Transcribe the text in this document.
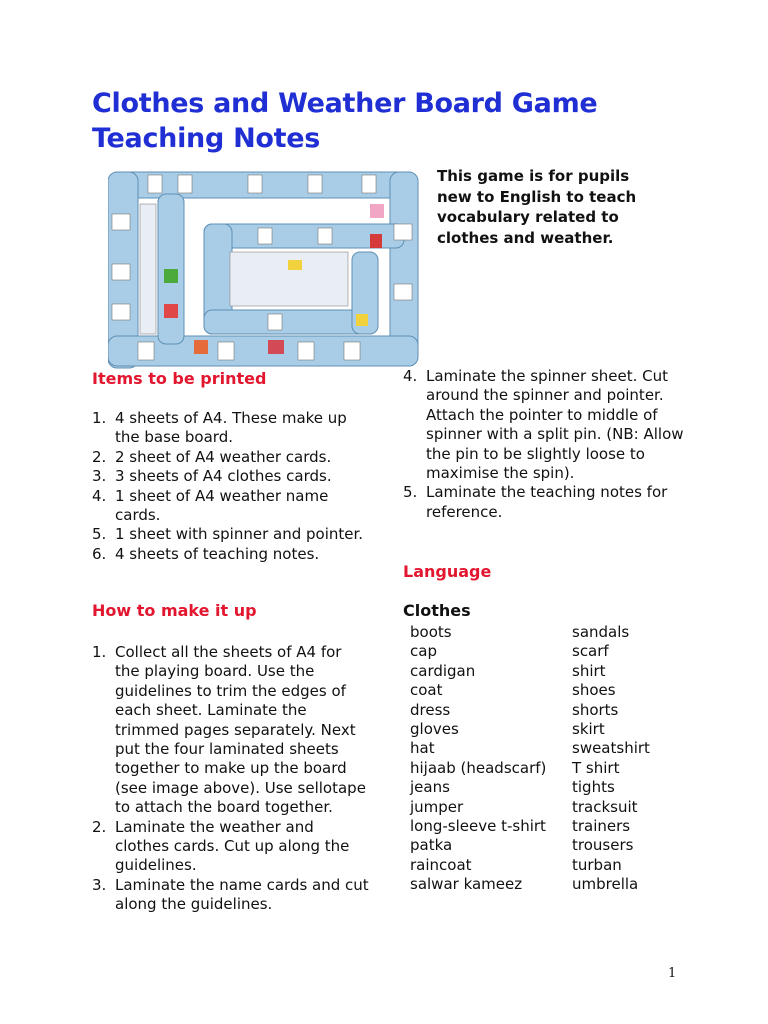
Clothes and Weather Board Game
Teaching Notes

This game is for pupils new to English to teach vocabulary related to clothes and weather.

Items to be printed
1. 4 sheets of A4. These make up the base board.
2. 2 sheet of A4 weather cards.
3. 3 sheets of A4 clothes cards.
4. 1 sheet of A4 weather name cards.
5. 1 sheet with spinner and pointer.
6. 4 sheets of teaching notes.
How to make it up
1. Collect all the sheets of A4 for the playing board. Use the guidelines to trim the edges of each sheet. Laminate the trimmed pages separately. Next put the four laminated sheets together to make up the board (see image above). Use sellotape to attach the board together.
2. Laminate the weather and clothes cards. Cut up along the guidelines.
3. Laminate the name cards and cut along the guidelines.
4. Laminate the spinner sheet. Cut around the spinner and pointer. Attach the pointer to middle of spinner with a split pin. (NB: Allow the pin to be slightly loose to maximise the spin).
5. Laminate the teaching notes for reference.
Language
Clothes
boots
cap
cardigan
coat
dress
gloves
hat
hijaab (headscarf)
jeans
jumper
long-sleeve t-shirt
patka
raincoat
salwar kameez
sandals
scarf
shirt
shoes
shorts
skirt
sweatshirt
T shirt
tights
tracksuit
trainers
trousers
turban
umbrella
1
